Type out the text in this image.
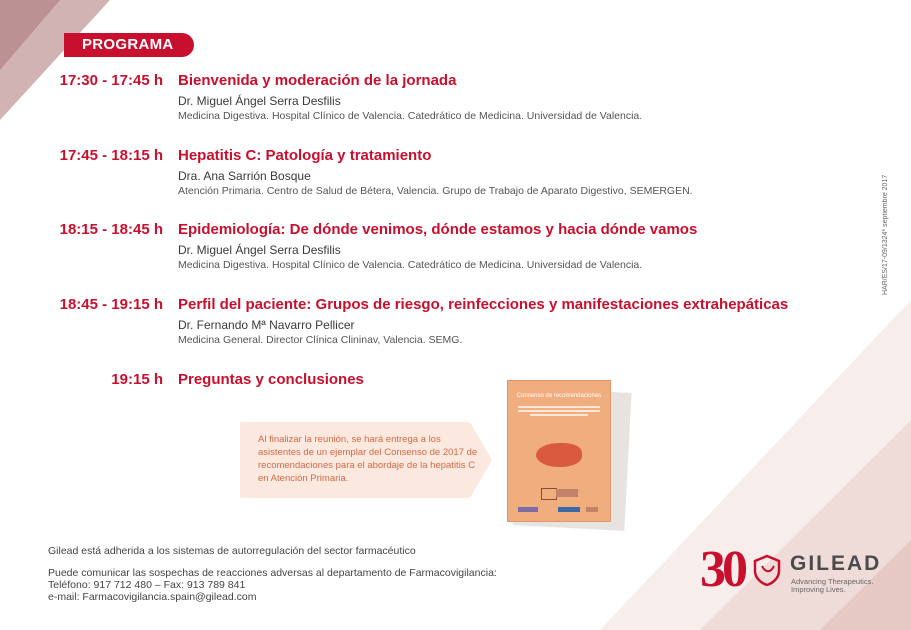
PROGRAMA
17:30 - 17:45 h Bienvenida y moderación de la jornada
Dr. Miguel Ángel Serra Desfilis
Medicina Digestiva. Hospital Clínico de Valencia. Catedrático de Medicina. Universidad de Valencia.
17:45 - 18:15 h Hepatitis C: Patología y tratamiento
Dra. Ana Sarrión Bosque
Atención Primaria. Centro de Salud de Bétera, Valencia. Grupo de Trabajo de Aparato Digestivo, SEMERGEN.
18:15 - 18:45 h Epidemiología: De dónde venimos, dónde estamos y hacia dónde vamos
Dr. Miguel Ángel Serra Desfilis
Medicina Digestiva. Hospital Clínico de Valencia. Catedrático de Medicina. Universidad de Valencia.
18:45 - 19:15 h Perfil del paciente: Grupos de riesgo, reinfecciones y manifestaciones extrahepáticas
Dr. Fernando Mª Navarro Pellicer
Medicina General. Director Clínica Clininav, Valencia. SEMG.
19:15 h Preguntas y conclusiones
HAR/ES/17-09/1324* septiembre 2017
Al finalizar la reunión, se hará entrega a los asistentes de un ejemplar del Consenso de 2017 de recomendaciones para el abordaje de la hepatitis C en Atención Primaria.
Consenso de recomendaciones
Gilead está adherida a los sistemas de autorregulación del sector farmacéutico
Puede comunicar las sospechas de reacciones adversas al departamento de Farmacovigilancia:
Teléfono: 917 712 480 – Fax: 913 789 841
e-mail: Farmacovigilancia.spain@gilead.com	30 GILEAD
Advancing Therapeutics.
Improving Lives.
